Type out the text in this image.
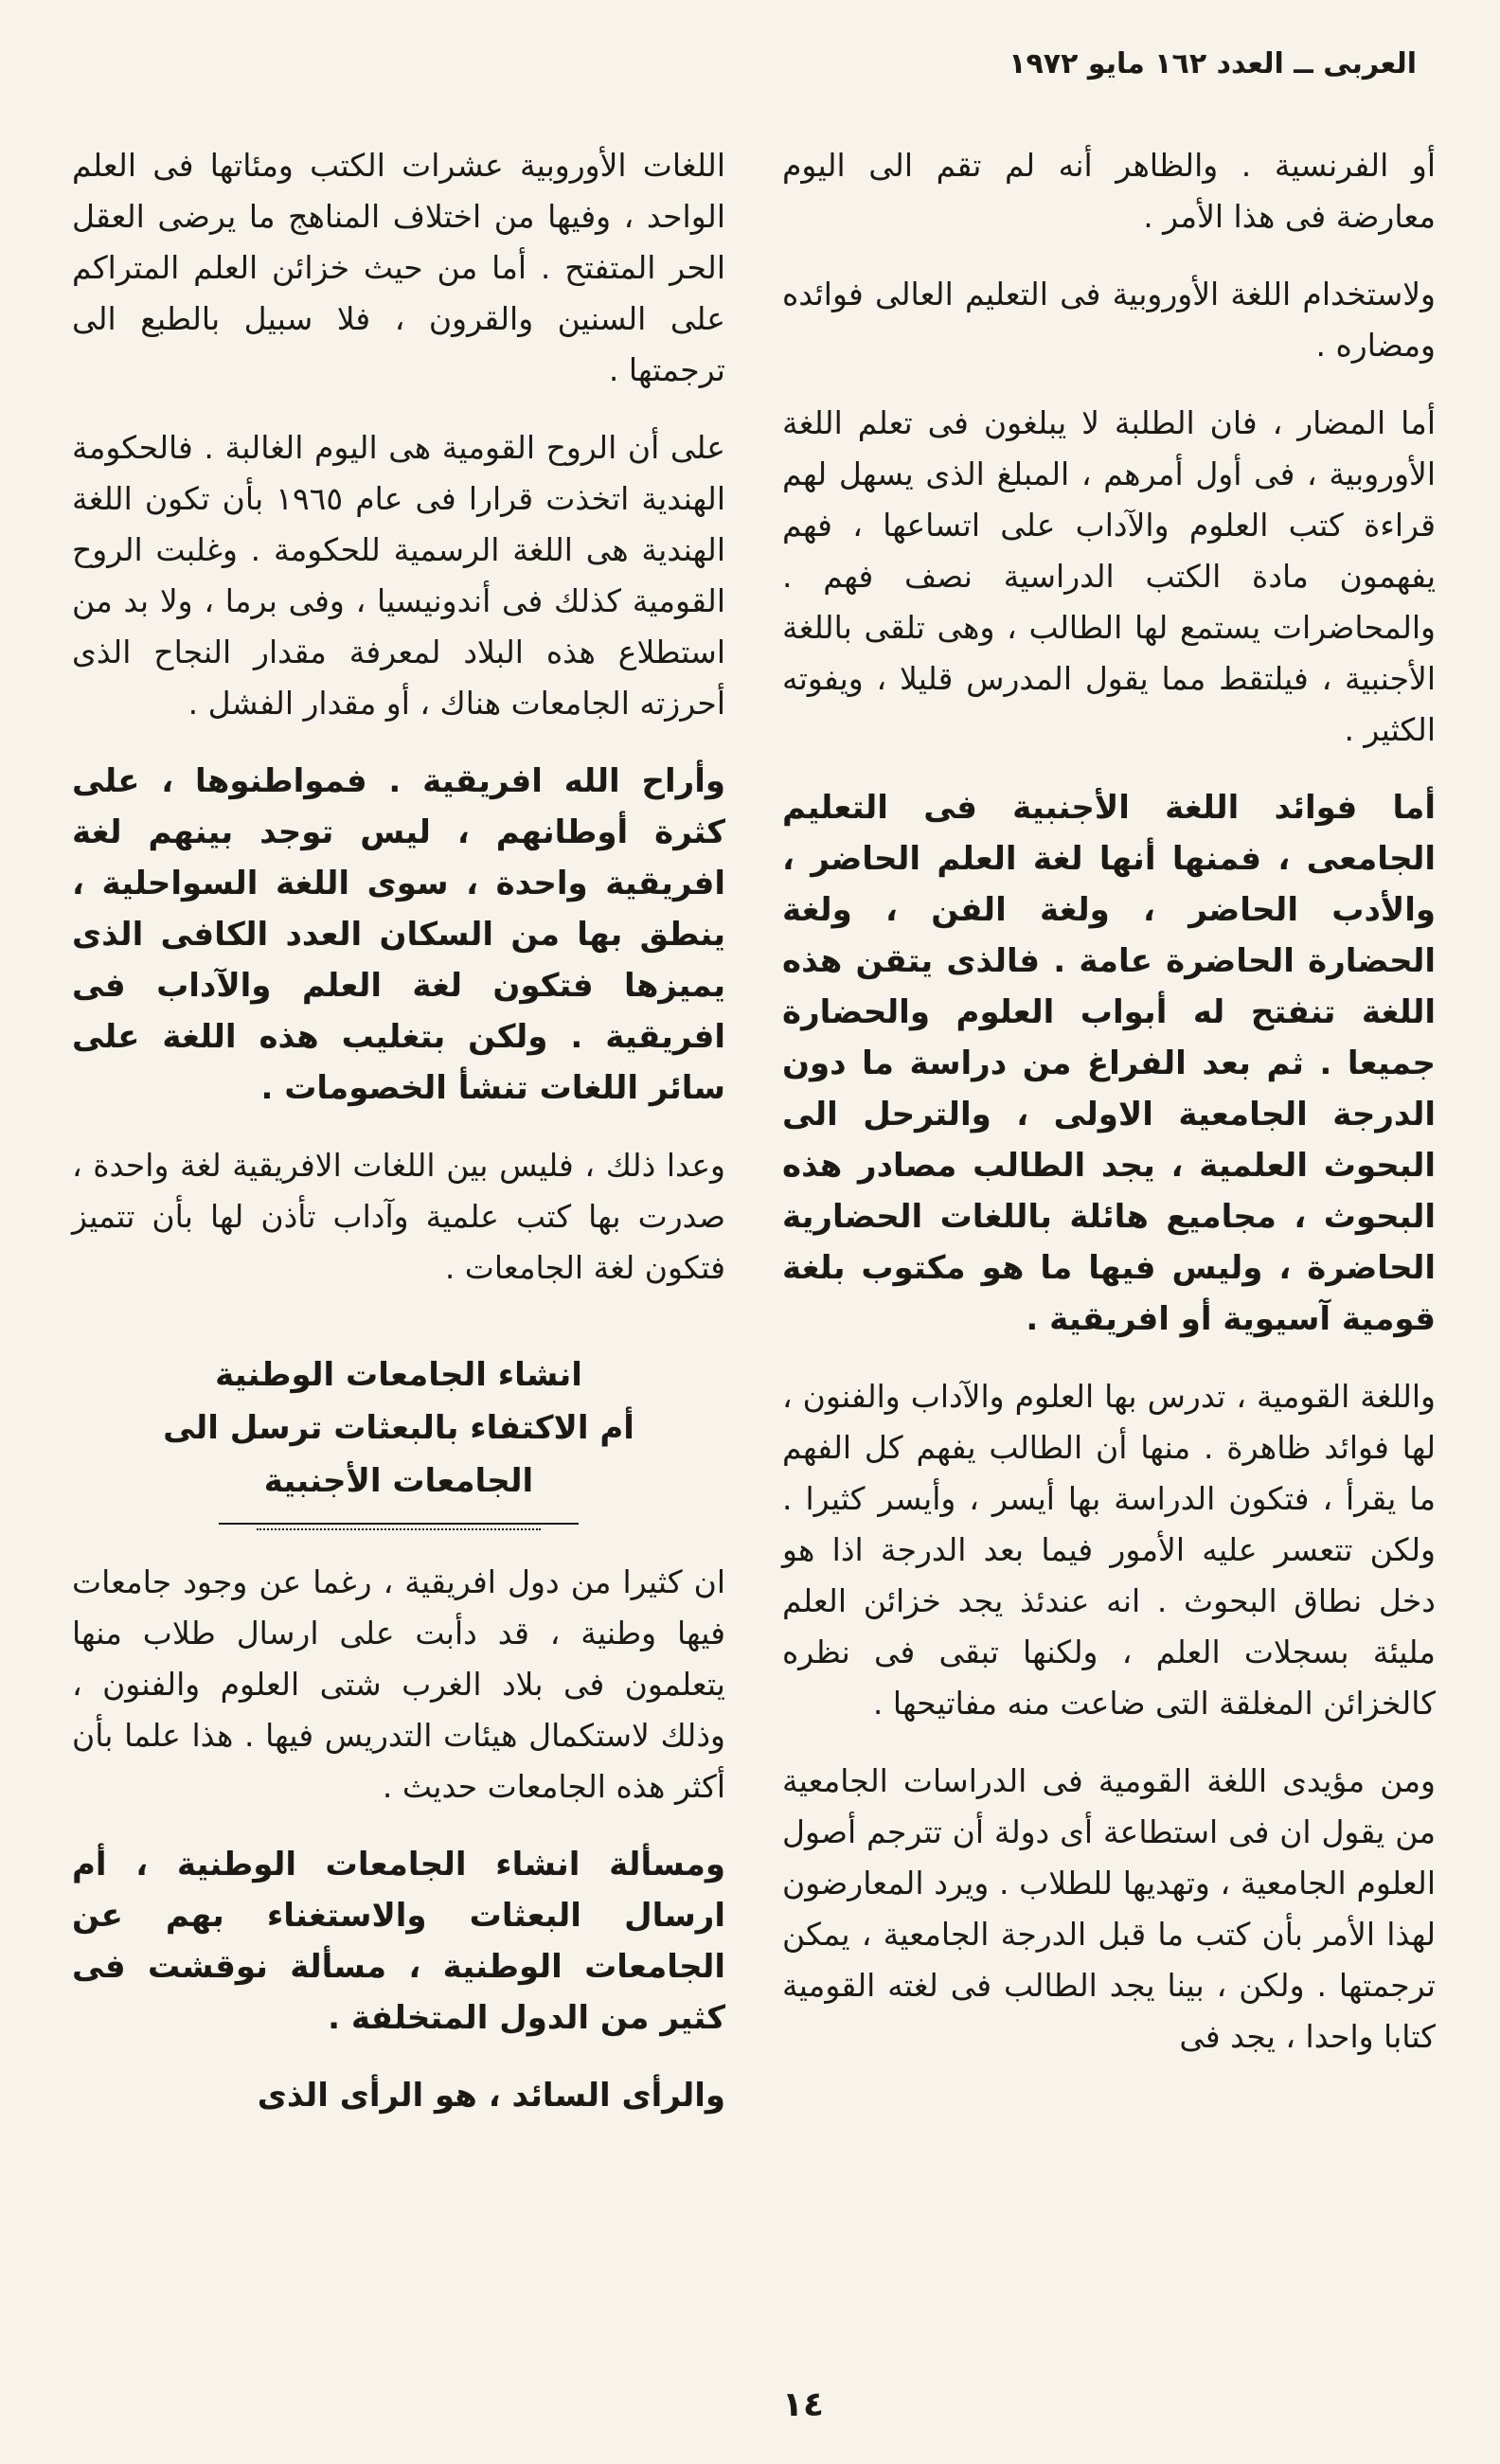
العربى ــ العدد ١٦٢ مايو ١٩٧٢

أو الفرنسية . والظاهر أنه لم تقم الى اليوم معارضة فى هذا الأمر .

ولاستخدام اللغة الأوروبية فى التعليم العالى فوائده ومضاره .

أما المضار ، فان الطلبة لا يبلغون فى تعلم اللغة الأوروبية ، فى أول أمرهم ، المبلغ الذى يسهل لهم قراءة كتب العلوم والآداب على اتساعها ، فهم يفهمون مادة الكتب الدراسية نصف فهم . والمحاضرات يستمع لها الطالب ، وهى تلقى باللغة الأجنبية ، فيلتقط مما يقول المدرس قليلا ، ويفوته الكثير .

أما فوائد اللغة الأجنبية فى التعليم الجامعى ، فمنها أنها لغة العلم الحاضر ، والأدب الحاضر ، ولغة الفن ، ولغة الحضارة الحاضرة عامة . فالذى يتقن هذه اللغة تنفتح له أبواب العلوم والحضارة جميعا . ثم بعد الفراغ من دراسة ما دون الدرجة الجامعية الاولى ، والترحل الى البحوث العلمية ، يجد الطالب مصادر هذه البحوث ، مجاميع هائلة باللغات الحضارية الحاضرة ، وليس فيها ما هو مكتوب بلغة قومية آسيوية أو افريقية .

واللغة القومية ، تدرس بها العلوم والآداب والفنون ، لها فوائد ظاهرة . منها أن الطالب يفهم كل الفهم ما يقرأ ، فتكون الدراسة بها أيسر ، وأيسر كثيرا . ولكن تتعسر عليه الأمور فيما بعد الدرجة اذا هو دخل نطاق البحوث . انه عندئذ يجد خزائن العلم مليئة بسجلات العلم ، ولكنها تبقى فى نظره كالخزائن المغلقة التى ضاعت منه مفاتيحها .

ومن مؤيدى اللغة القومية فى الدراسات الجامعية من يقول ان فى استطاعة أى دولة أن تترجم أصول العلوم الجامعية ، وتهديها للطلاب . ويرد المعارضون لهذا الأمر بأن كتب ما قبل الدرجة الجامعية ، يمكن ترجمتها . ولكن ، بينا يجد الطالب فى لغته القومية كتابا واحدا ، يجد فى

اللغات الأوروبية عشرات الكتب ومئاتها فى العلم الواحد ، وفيها من اختلاف المناهج ما يرضى العقل الحر المتفتح . أما من حيث خزائن العلم المتراكم على السنين والقرون ، فلا سبيل بالطبع الى ترجمتها .

على أن الروح القومية هى اليوم الغالبة . فالحكومة الهندية اتخذت قرارا فى عام ١٩٦٥ بأن تكون اللغة الهندية هى اللغة الرسمية للحكومة . وغلبت الروح القومية كذلك فى أندونيسيا ، وفى برما ، ولا بد من استطلاع هذه البلاد لمعرفة مقدار النجاح الذى أحرزته الجامعات هناك ، أو مقدار الفشل .

وأراح الله افريقية . فمواطنوها ، على كثرة أوطانهم ، ليس توجد بينهم لغة افريقية واحدة ، سوى اللغة السواحلية ، ينطق بها من السكان العدد الكافى الذى يميزها فتكون لغة العلم والآداب فى افريقية . ولكن بتغليب هذه اللغة على سائر اللغات تنشأ الخصومات .

وعدا ذلك ، فليس بين اللغات الافريقية لغة واحدة ، صدرت بها كتب علمية وآداب تأذن لها بأن تتميز فتكون لغة الجامعات .

انشاء الجامعات الوطنية
أم الاكتفاء بالبعثات ترسل الى
الجامعات الأجنبية

ان كثيرا من دول افريقية ، رغما عن وجود جامعات فيها وطنية ، قد دأبت على ارسال طلاب منها يتعلمون فى بلاد الغرب شتى العلوم والفنون ، وذلك لاستكمال هيئات التدريس فيها . هذا علما بأن أكثر هذه الجامعات حديث .

ومسألة انشاء الجامعات الوطنية ، أم ارسال البعثات والاستغناء بهم عن الجامعات الوطنية ، مسألة نوقشت فى كثير من الدول المتخلفة .

والرأى السائد ، هو الرأى الذى

١٤
